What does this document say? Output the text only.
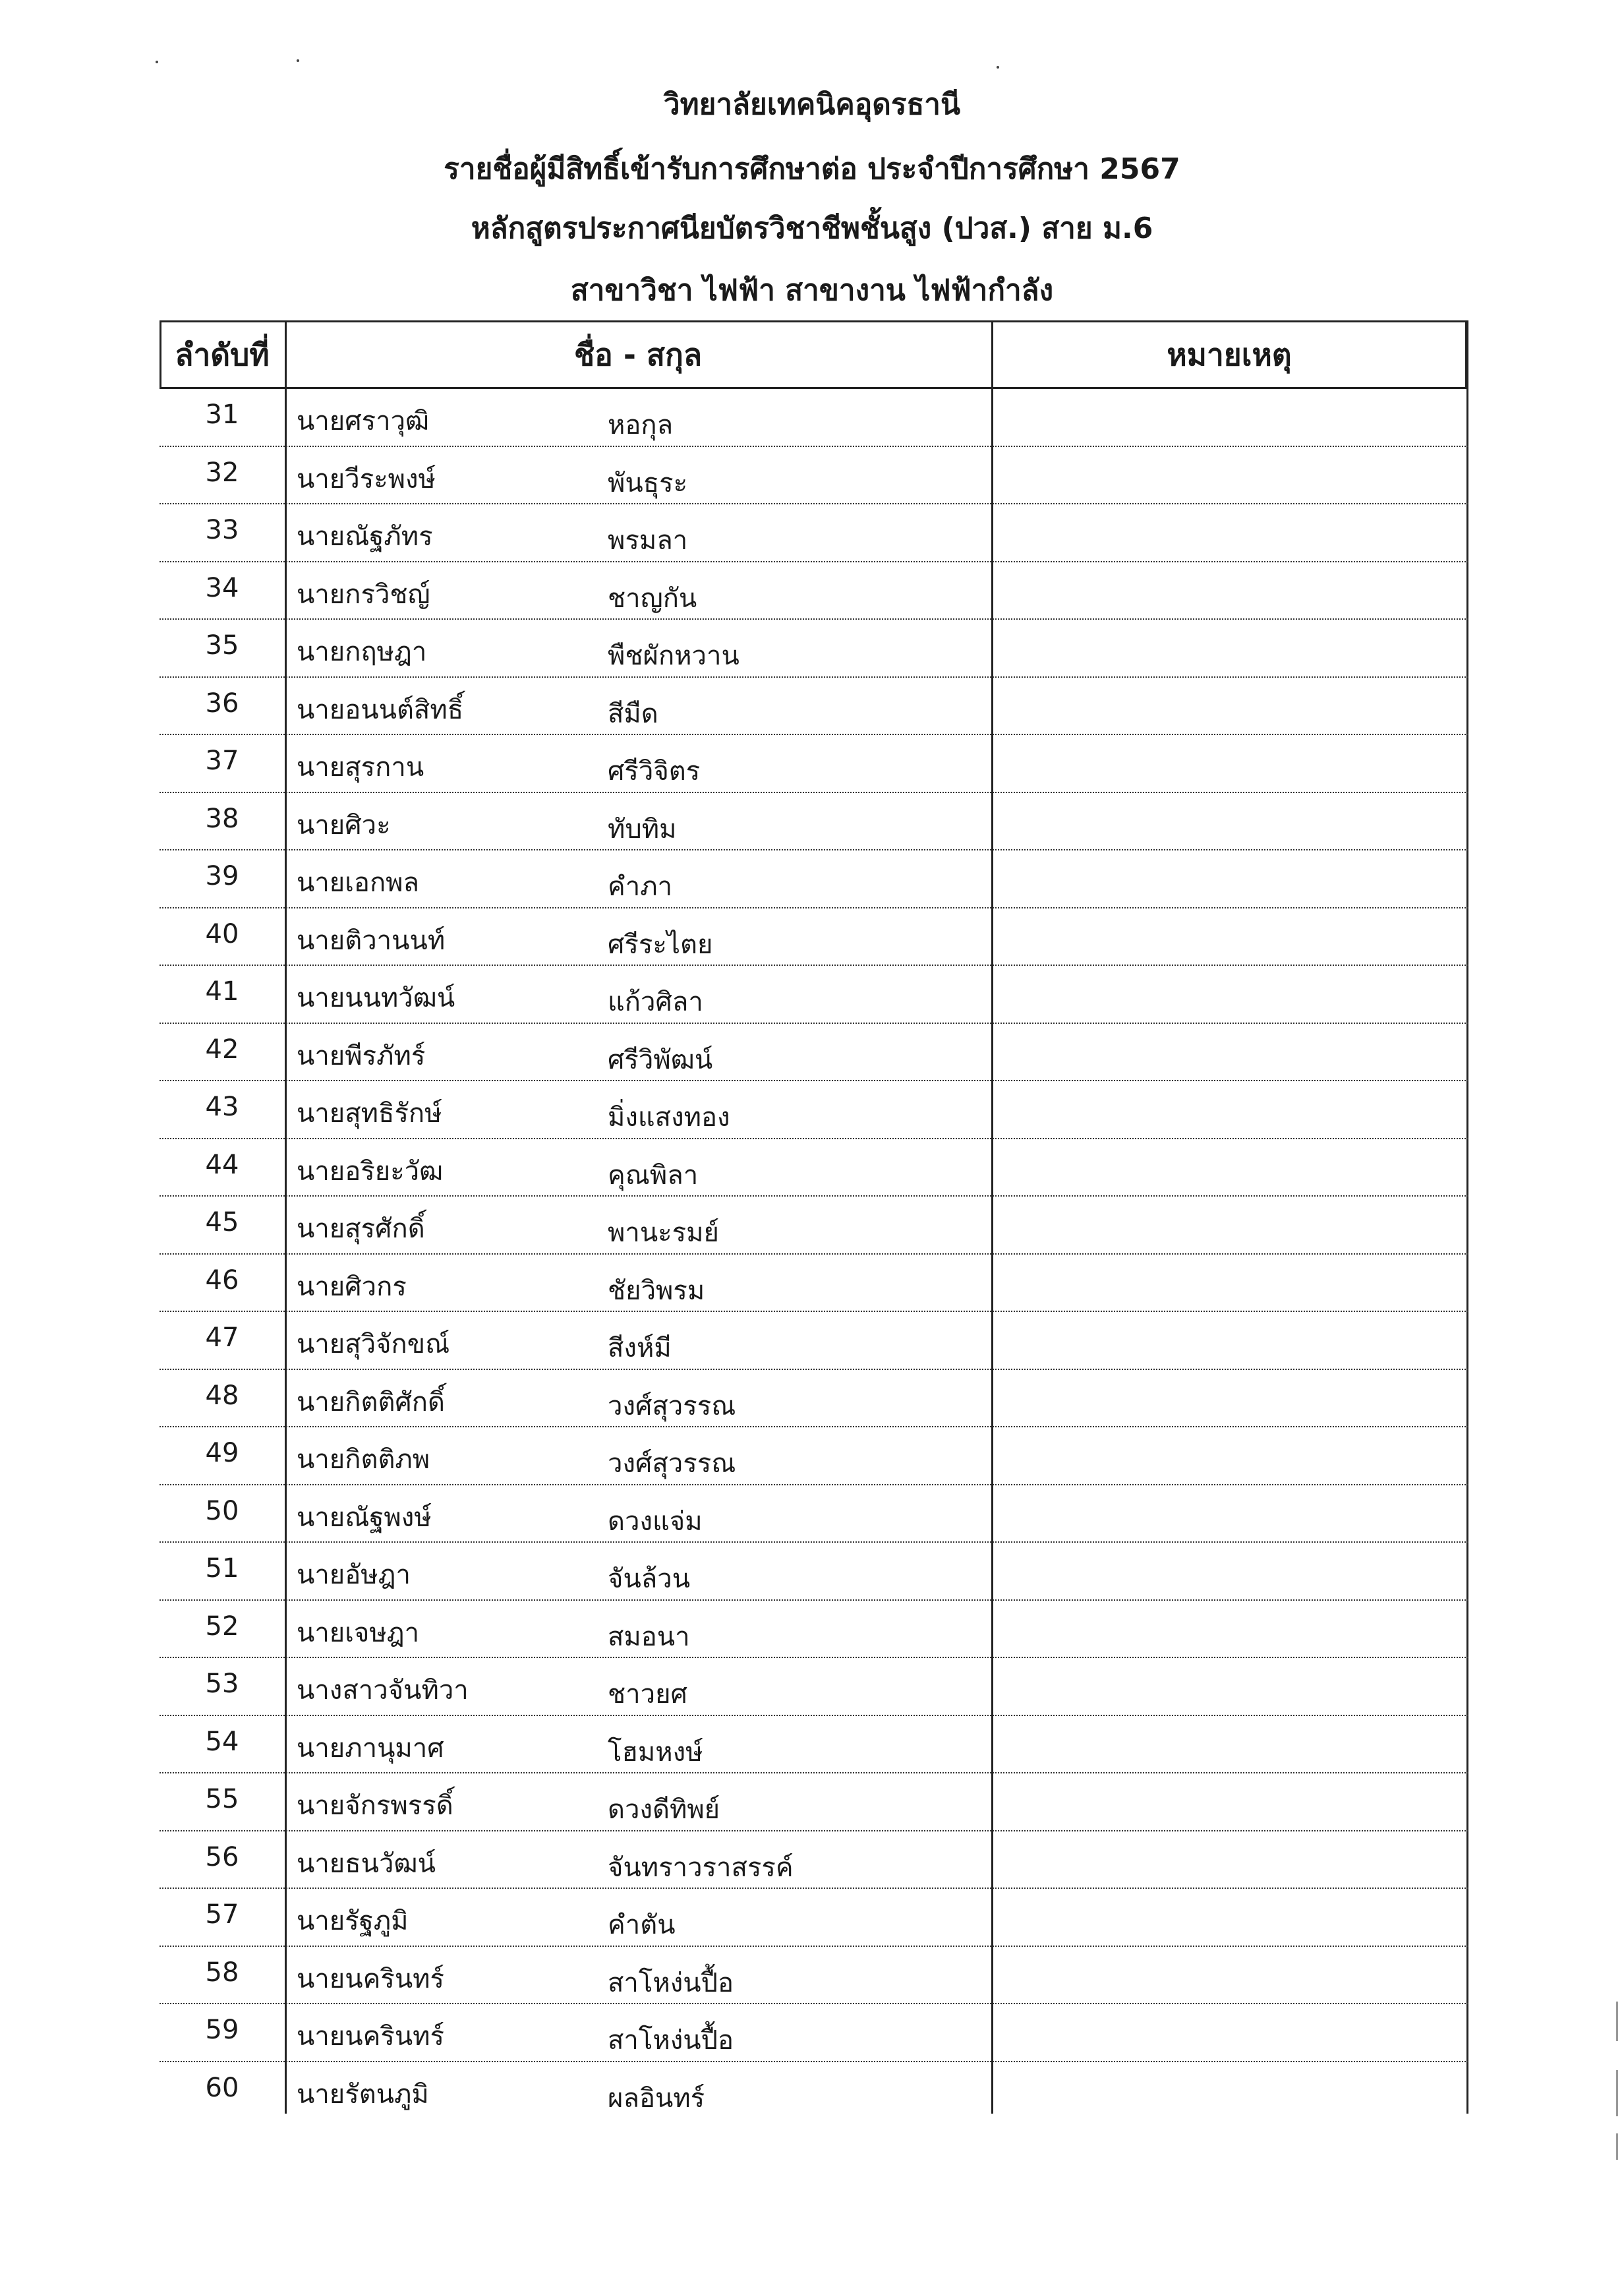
วิทยาลัยเทคนิคอุดรธานี
รายชื่อผู้มีสิทธิ์เข้ารับการศึกษาต่อ ประจำปีการศึกษา 2567
หลักสูตรประกาศนียบัตรวิชาชีพชั้นสูง (ปวส.) สาย ม.6
สาขาวิชา ไฟฟ้า สาขางาน ไฟฟ้ากำลัง
ลำดับที่	ชื่อ - สกุล	หมายเหตุ
31	นายศราวุฒิ	หอกุล
32	นายวีระพงษ์	พันธุระ
33	นายณัฐภัทร	พรมลา
34	นายกรวิชญ์	ชาญกัน
35	นายกฤษฎา	พืชผักหวาน
36	นายอนนต์สิทธิ์	สีมืด
37	นายสุรกาน	ศรีวิจิตร
38	นายศิวะ	ทับทิม
39	นายเอกพล	คำภา
40	นายติวานนท์	ศรีระไตย
41	นายนนทวัฒน์	แก้วศิลา
42	นายพีรภัทร์	ศรีวิพัฒน์
43	นายสุทธิรักษ์	มิ่งแสงทอง
44	นายอริยะวัฒ	คุณพิลา
45	นายสุรศักดิ์	พานะรมย์
46	นายศิวกร	ชัยวิพรม
47	นายสุวิจักขณ์	สีงห์มี
48	นายกิตติศักดิ์	วงศ์สุวรรณ
49	นายกิตติภพ	วงศ์สุวรรณ
50	นายณัฐพงษ์	ดวงแจ่ม
51	นายอัษฎา	จันล้วน
52	นายเจษฎา	สมอนา
53	นางสาวจันทิวา	ชาวยศ
54	นายภานุมาศ	โฮมหงษ์
55	นายจักรพรรดิ์	ดวงดีทิพย์
56	นายธนวัฒน์	จันทราวราสรรค์
57	นายรัฐภูมิ	คำตัน
58	นายนครินทร์	สาโหง่นปื้อ
59	นายนครินทร์	สาโหง่นปื้อ
60	นายรัตนภูมิ	ผลอินทร์
